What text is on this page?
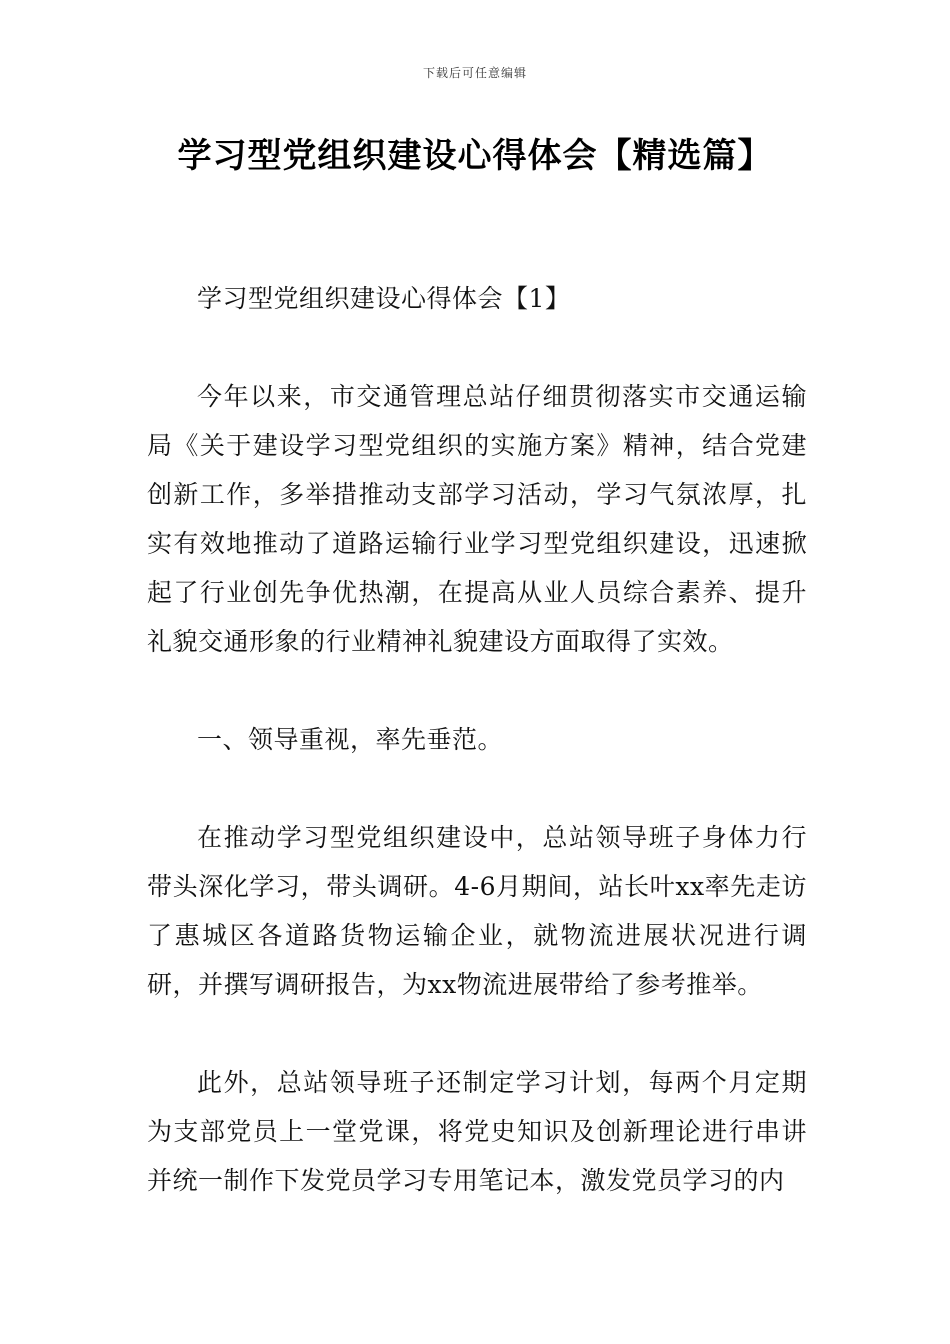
下载后可任意编辑
学习型党组织建设心得体会【精选篇】

学习型党组织建设心得体会【1】

今年以来，市交通管理总站仔细贯彻落实市交通运输局《关于建设学习型党组织的实施方案》精神，结合党建创新工作，多举措推动支部学习活动，学习气氛浓厚，扎实有效地推动了道路运输行业学习型党组织建设，迅速掀起了行业创先争优热潮，在提高从业人员综合素养、提升礼貌交通形象的行业精神礼貌建设方面取得了实效。

一、领导重视，率先垂范。

在推动学习型党组织建设中，总站领导班子身体力行带头深化学习，带头调研。4-6月期间，站长叶xx率先走访了惠城区各道路货物运输企业，就物流进展状况进行调研，并撰写调研报告，为xx物流进展带给了参考推举。

此外，总站领导班子还制定学习计划，每两个月定期为支部党员上一堂党课，将党史知识及创新理论进行串讲并统一制作下发党员学习专用笔记本，激发党员学习的内
